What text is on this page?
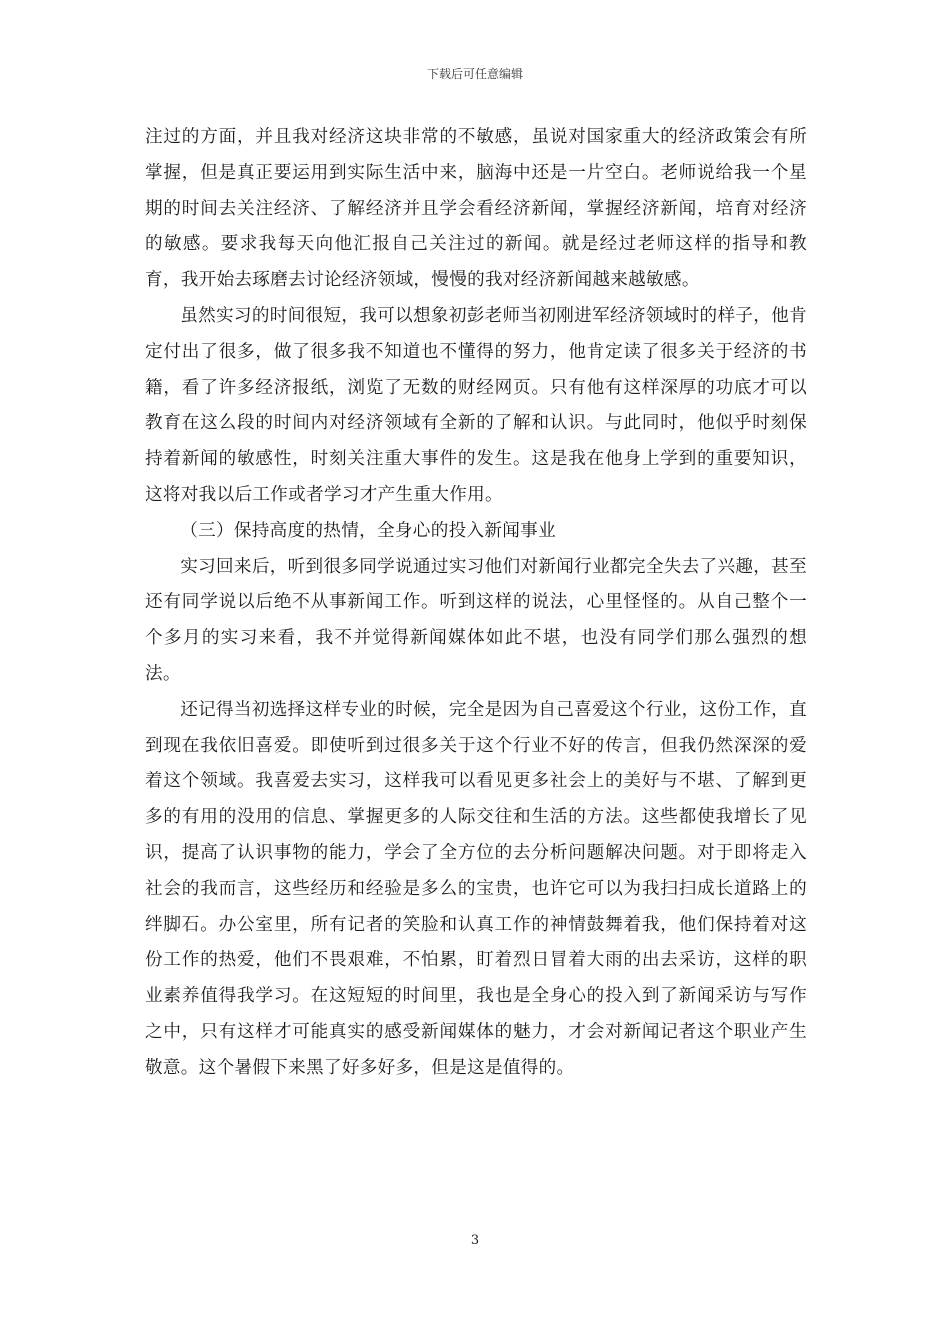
下载后可任意编辑

注过的方面，并且我对经济这块非常的不敏感，虽说对国家重大的经济政策会有所掌握，但是真正要运用到实际生活中来，脑海中还是一片空白。老师说给我一个星期的时间去关注经济、了解经济并且学会看经济新闻，掌握经济新闻，培育对经济的敏感。要求我每天向他汇报自己关注过的新闻。就是经过老师这样的指导和教育，我开始去琢磨去讨论经济领域，慢慢的我对经济新闻越来越敏感。

虽然实习的时间很短，我可以想象初彭老师当初刚进军经济领域时的样子，他肯定付出了很多，做了很多我不知道也不懂得的努力，他肯定读了很多关于经济的书籍，看了许多经济报纸，浏览了无数的财经网页。只有他有这样深厚的功底才可以教育在这么段的时间内对经济领域有全新的了解和认识。与此同时，他似乎时刻保持着新闻的敏感性，时刻关注重大事件的发生。这是我在他身上学到的重要知识，这将对我以后工作或者学习才产生重大作用。

（三）保持高度的热情，全身心的投入新闻事业

实习回来后，听到很多同学说通过实习他们对新闻行业都完全失去了兴趣，甚至还有同学说以后绝不从事新闻工作。听到这样的说法，心里怪怪的。从自己整个一个多月的实习来看，我不并觉得新闻媒体如此不堪，也没有同学们那么强烈的想法。

还记得当初选择这样专业的时候，完全是因为自己喜爱这个行业，这份工作，直到现在我依旧喜爱。即使听到过很多关于这个行业不好的传言，但我仍然深深的爱着这个领域。我喜爱去实习，这样我可以看见更多社会上的美好与不堪、了解到更多的有用的没用的信息、掌握更多的人际交往和生活的方法。这些都使我增长了见识，提高了认识事物的能力，学会了全方位的去分析问题解决问题。对于即将走入社会的我而言，这些经历和经验是多么的宝贵，也许它可以为我扫扫成长道路上的绊脚石。办公室里，所有记者的笑脸和认真工作的神情鼓舞着我，他们保持着对这份工作的热爱，他们不畏艰难，不怕累，盯着烈日冒着大雨的出去采访，这样的职业素养值得我学习。在这短短的时间里，我也是全身心的投入到了新闻采访与写作之中，只有这样才可能真实的感受新闻媒体的魅力，才会对新闻记者这个职业产生敬意。这个暑假下来黑了好多好多，但是这是值得的。

3
